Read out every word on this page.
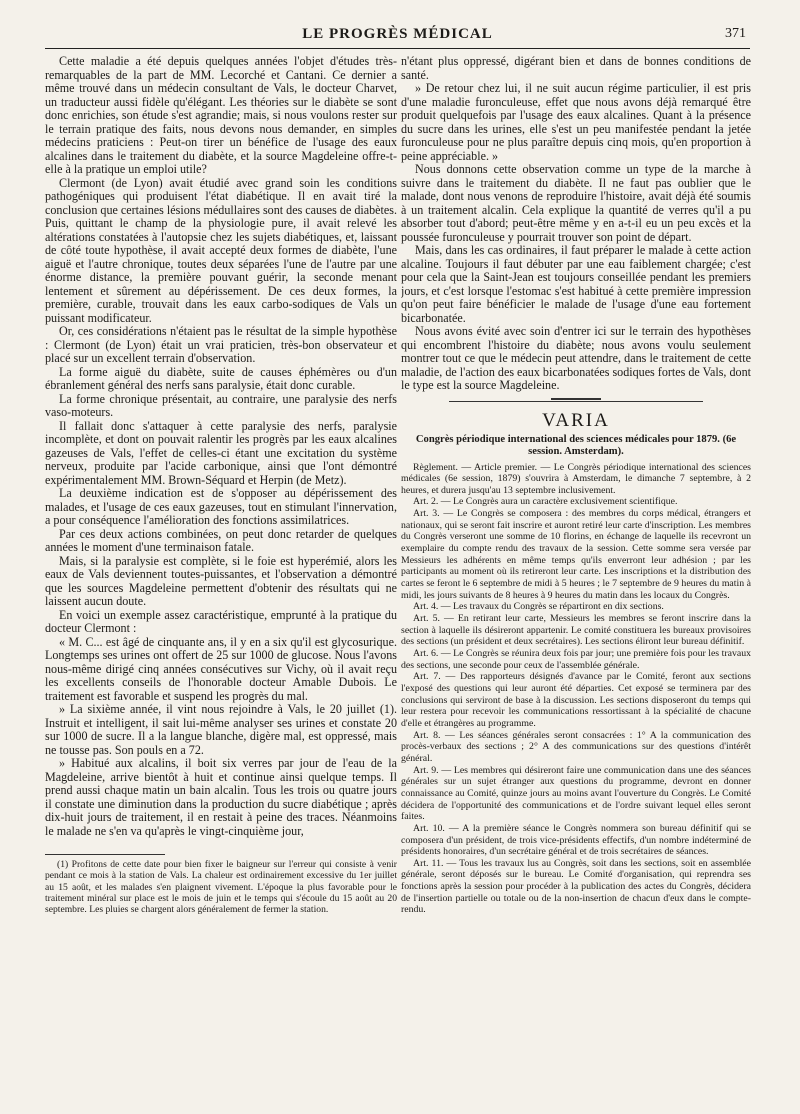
LE PROGRÈS MÉDICAL	371

Cette maladie a été depuis quelques années l'objet d'études très-remarquables de la part de MM. Lecorché et Cantani. Ce dernier a même trouvé dans un médecin consultant de Vals, le docteur Charvet, un traducteur aussi fidèle qu'élégant. Les théories sur le diabète se sont donc enrichies, son étude s'est agrandie; mais, si nous voulons rester sur le terrain pratique des faits, nous devons nous demander, en simples médecins praticiens : Peut-on tirer un bénéfice de l'usage des eaux alcalines dans le traitement du diabète, et la source Magdeleine offre-t-elle à la pratique un emploi utile?

Clermont (de Lyon) avait étudié avec grand soin les conditions pathogéniques qui produisent l'état diabétique. Il en avait tiré la conclusion que certaines lésions médullaires sont des causes de diabètes. Puis, quittant le champ de la physiologie pure, il avait relevé les altérations constatées à l'autopsie chez les sujets diabétiques, et, laissant de côté toute hypothèse, il avait accepté deux formes de diabète, l'une aiguë et l'autre chronique, toutes deux séparées l'une de l'autre par une énorme distance, la première pouvant guérir, la seconde menant lentement et sûrement au dépérissement. De ces deux formes, la première, curable, trouvait dans les eaux carbo-sodiques de Vals un puissant modificateur.

Or, ces considérations n'étaient pas le résultat de la simple hypothèse : Clermont (de Lyon) était un vrai praticien, très-bon observateur et placé sur un excellent terrain d'observation.

La forme aiguë du diabète, suite de causes éphémères ou d'un ébranlement général des nerfs sans paralysie, était donc curable.

La forme chronique présentait, au contraire, une paralysie des nerfs vaso-moteurs.

Il fallait donc s'attaquer à cette paralysie des nerfs, paralysie incomplète, et dont on pouvait ralentir les progrès par les eaux alcalines gazeuses de Vals, l'effet de celles-ci étant une excitation du système nerveux, produite par l'acide carbonique, ainsi que l'ont démontré expérimentalement MM. Brown-Séquard et Herpin (de Metz).

La deuxième indication est de s'opposer au dépérissement des malades, et l'usage de ces eaux gazeuses, tout en stimulant l'innervation, a pour conséquence l'amélioration des fonctions assimilatrices.

Par ces deux actions combinées, on peut donc retarder de quelques années le moment d'une terminaison fatale.

Mais, si la paralysie est complète, si le foie est hyperémié, alors les eaux de Vals deviennent toutes-puissantes, et l'observation a démontré que les sources Magdeleine permettent d'obtenir des résultats qui ne laissent aucun doute.

En voici un exemple assez caractéristique, emprunté à la pratique du docteur Clermont :

« M. C... est âgé de cinquante ans, il y en a six qu'il est glycosurique. Longtemps ses urines ont offert de 25 sur 1000 de glucose. Nous l'avons nous-même dirigé cinq années consécutives sur Vichy, où il avait reçu les excellents conseils de l'honorable docteur Amable Dubois. Le traitement est favorable et suspend les progrès du mal.

» La sixième année, il vint nous rejoindre à Vals, le 20 juillet (1). Instruit et intelligent, il sait lui-même analyser ses urines et constate 20 sur 1000 de sucre. Il a la langue blanche, digère mal, est oppressé, mais ne tousse pas. Son pouls en a 72.

» Habitué aux alcalins, il boit six verres par jour de l'eau de la Magdeleine, arrive bientôt à huit et continue ainsi quelque temps. Il prend aussi chaque matin un bain alcalin. Tous les trois ou quatre jours il constate une diminution dans la production du sucre diabétique ; après dix-huit jours de traitement, il en restait à peine des traces. Néanmoins le malade ne s'en va qu'après le vingt-cinquième jour,

(1) Profitons de cette date pour bien fixer le baigneur sur l'erreur qui consiste à venir pendant ce mois à la station de Vals. La chaleur est ordinairement excessive du 1er juillet au 15 août, et les malades s'en plaignent vivement. L'époque la plus favorable pour le traitement minéral sur place est le mois de juin et le temps qui s'écoule du 15 août au 20 septembre. Les pluies se chargent alors généralement de fermer la station.

n'étant plus oppressé, digérant bien et dans de bonnes conditions de santé.

» De retour chez lui, il ne suit aucun régime particulier, il est pris d'une maladie furonculeuse, effet que nous avons déjà remarqué être produit quelquefois par l'usage des eaux alcalines. Quant à la présence du sucre dans les urines, elle s'est un peu manifestée pendant la jetée furonculeuse pour ne plus paraître depuis cinq mois, qu'en proportion à peine appréciable. »

Nous donnons cette observation comme un type de la marche à suivre dans le traitement du diabète. Il ne faut pas oublier que le malade, dont nous venons de reproduire l'histoire, avait déjà été soumis à un traitement alcalin. Cela explique la quantité de verres qu'il a pu absorber tout d'abord; peut-être même y en a-t-il eu un peu excès et la poussée furonculeuse y pourrait trouver son point de départ.

Mais, dans les cas ordinaires, il faut préparer le malade à cette action alcaline. Toujours il faut débuter par une eau faiblement chargée; c'est pour cela que la Saint-Jean est toujours conseillée pendant les premiers jours, et c'est lorsque l'estomac s'est habitué à cette première impression qu'on peut faire bénéficier le malade de l'usage d'une eau fortement bicarbonatée.

Nous avons évité avec soin d'entrer ici sur le terrain des hypothèses qui encombrent l'histoire du diabète; nous avons voulu seulement montrer tout ce que le médecin peut attendre, dans le traitement de cette maladie, de l'action des eaux bicarbonatées sodiques fortes de Vals, dont le type est la source Magdeleine.

VARIA
Congrès périodique international des sciences médicales pour 1879. (6e session. Amsterdam).

Règlement. — Article premier. — Le Congrès périodique international des sciences médicales (6e session, 1879) s'ouvrira à Amsterdam, le dimanche 7 septembre, à 2 heures, et durera jusqu'au 13 septembre inclusivement.

Art. 2. — Le Congrès aura un caractère exclusivement scientifique.

Art. 3. — Le Congrès se composera : des membres du corps médical, étrangers et nationaux, qui se seront fait inscrire et auront retiré leur carte d'inscription. Les membres du Congrès verseront une somme de 10 florins, en échange de laquelle ils recevront un exemplaire du compte rendu des travaux de la session. Cette somme sera versée par Messieurs les adhérents en même temps qu'ils enverront leur adhésion ; par les participants au moment où ils retireront leur carte. Les inscriptions et la distribution des cartes se feront le 6 septembre de midi à 5 heures ; le 7 septembre de 9 heures du matin à midi, les jours suivants de 8 heures à 9 heures du matin dans les locaux du Congrès.

Art. 4. — Les travaux du Congrès se répartiront en dix sections.

Art. 5. — En retirant leur carte, Messieurs les membres se feront inscrire dans la section à laquelle ils désireront appartenir. Le comité constituera les bureaux provisoires des sections (un président et deux secrétaires). Les sections éliront leur bureau définitif.

Art. 6. — Le Congrès se réunira deux fois par jour; une première fois pour les travaux des sections, une seconde pour ceux de l'assemblée générale.

Art. 7. — Des rapporteurs désignés d'avance par le Comité, feront aux sections l'exposé des questions qui leur auront été départies. Cet exposé se terminera par des conclusions qui serviront de base à la discussion. Les sections disposeront du temps qui leur restera pour recevoir les communications ressortissant à la spécialité de chacune d'elle et étrangères au programme.

Art. 8. — Les séances générales seront consacrées : 1° A la communication des procès-verbaux des sections ; 2° A des communications sur des questions d'intérêt général.

Art. 9. — Les membres qui désireront faire une communication dans une des séances générales sur un sujet étranger aux questions du programme, devront en donner connaissance au Comité, quinze jours au moins avant l'ouverture du Congrès. Le Comité décidera de l'opportunité des communications et de l'ordre suivant lequel elles seront faites.

Art. 10. — A la première séance le Congrès nommera son bureau définitif qui se composera d'un président, de trois vice-présidents effectifs, d'un nombre indéterminé de présidents honoraires, d'un secrétaire général et de trois secrétaires de séances.

Art. 11. — Tous les travaux lus au Congrès, soit dans les sections, soit en assemblée générale, seront déposés sur le bureau. Le Comité d'organisation, qui reprendra ses fonctions après la session pour procéder à la publication des actes du Congrès, décidera de l'insertion partielle ou totale ou de la non-insertion de chacun d'eux dans le compte-rendu.
